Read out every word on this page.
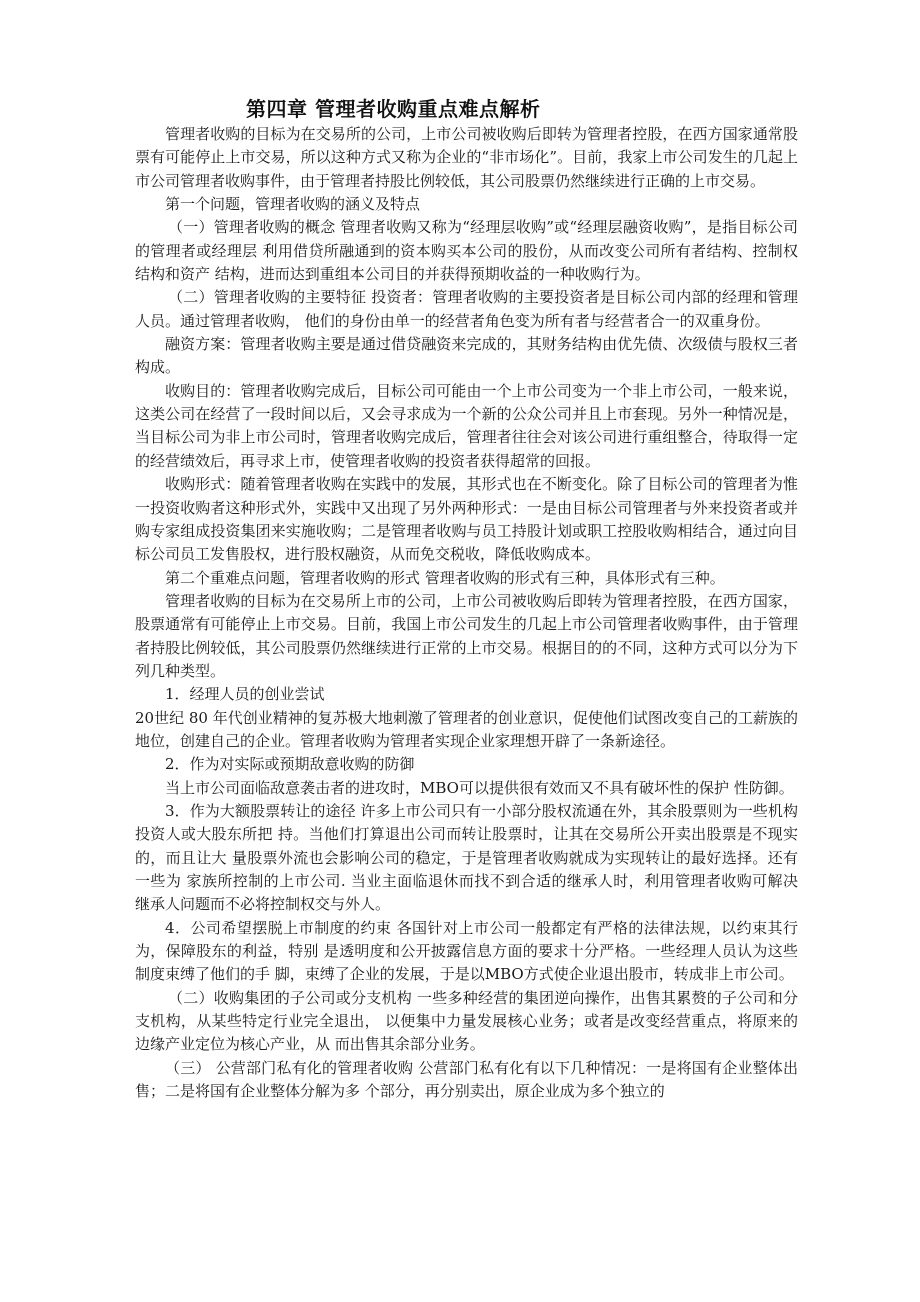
第四章 管理者收购重点难点解析

管理者收购的目标为在交易所的公司，上市公司被收购后即转为管理者控股，在西方国家通常股票有可能停止上市交易，所以这种方式又称为企业的“非市场化”。目前，我家上市公司发生的几起上市公司管理者收购事件，由于管理者持股比例较低，其公司股票仍然继续进行正确的上市交易。

第一个问题，管理者收购的涵义及特点

（一）管理者收购的概念 管理者收购又称为“经理层收购”或“经理层融资收购”，是指目标公司的管理者或经理层 利用借贷所融通到的资本购买本公司的股份，从而改变公司所有者结构、控制权结构和资产 结构，进而达到重组本公司目的并获得预期收益的一种收购行为。

（二）管理者收购的主要特征 投资者：管理者收购的主要投资者是目标公司内部的经理和管理人员。通过管理者收购， 他们的身份由单一的经营者角色变为所有者与经营者合一的双重身份。

融资方案：管理者收购主要是通过借贷融资来完成的，其财务结构由优先债、次级债与股权三者构成。

收购目的：管理者收购完成后，目标公司可能由一个上市公司变为一个非上市公司，一般来说，这类公司在经营了一段时间以后，又会寻求成为一个新的公众公司并且上市套现。另外一种情况是，当目标公司为非上市公司时，管理者收购完成后，管理者往往会对该公司进行重组整合，待取得一定的经营绩效后，再寻求上市，使管理者收购的投资者获得超常的回报。

收购形式：随着管理者收购在实践中的发展，其形式也在不断变化。除了目标公司的管理者为惟一投资收购者这种形式外，实践中又出现了另外两种形式：一是由目标公司管理者与外来投资者或并购专家组成投资集团来实施收购；二是管理者收购与员工持股计划或职工控股收购相结合，通过向目标公司员工发售股权，进行股权融资，从而免交税收，降低收购成本。

第二个重难点问题，管理者收购的形式 管理者收购的形式有三种，具体形式有三种。

管理者收购的目标为在交易所上市的公司，上市公司被收购后即转为管理者控股，在西方国家，股票通常有可能停止上市交易。目前，我国上市公司发生的几起上市公司管理者收购事件，由于管理者持股比例较低，其公司股票仍然继续进行正常的上市交易。根据目的的不同，这种方式可以分为下列几种类型。

1．经理人员的创业尝试

20世纪 80 年代创业精神的复苏极大地刺激了管理者的创业意识，促使他们试图改变自己的工薪族的地位，创建自己的企业。管理者收购为管理者实现企业家理想开辟了一条新途径。

2．作为对实际或预期敌意收购的防御

当上市公司面临敌意袭击者的进攻时，MBO可以提供很有效而又不具有破坏性的保护 性防御。

3．作为大额股票转让的途径 许多上市公司只有一小部分股权流通在外，其余股票则为一些机构投资人或大股东所把 持。当他们打算退出公司而转让股票时，让其在交易所公开卖出股票是不现实的，而且让大 量股票外流也会影响公司的稳定，于是管理者收购就成为实现转让的最好选择。还有一些为 家族所控制的上市公司. 当业主面临退休而找不到合适的继承人时，利用管理者收购可解决 继承人问题而不必将控制权交与外人。

4．公司希望摆脱上市制度的约束 各国针对上市公司一般都定有严格的法律法规，以约束其行为，保障股东的利益，特别 是透明度和公开披露信息方面的要求十分严格。一些经理人员认为这些制度束缚了他们的手 脚，束缚了企业的发展，于是以MBO方式使企业退出股市，转成非上市公司。

（二）收购集团的子公司或分支机构 一些多种经营的集团逆向操作，出售其累赘的子公司和分支机构，从某些特定行业完全退出， 以便集中力量发展核心业务；或者是改变经营重点，将原来的边缘产业定位为核心产业，从 而出售其余部分业务。

（三） 公营部门私有化的管理者收购 公营部门私有化有以下几种情况：一是将国有企业整体出售；二是将国有企业整体分解为多 个部分，再分别卖出，原企业成为多个独立的
